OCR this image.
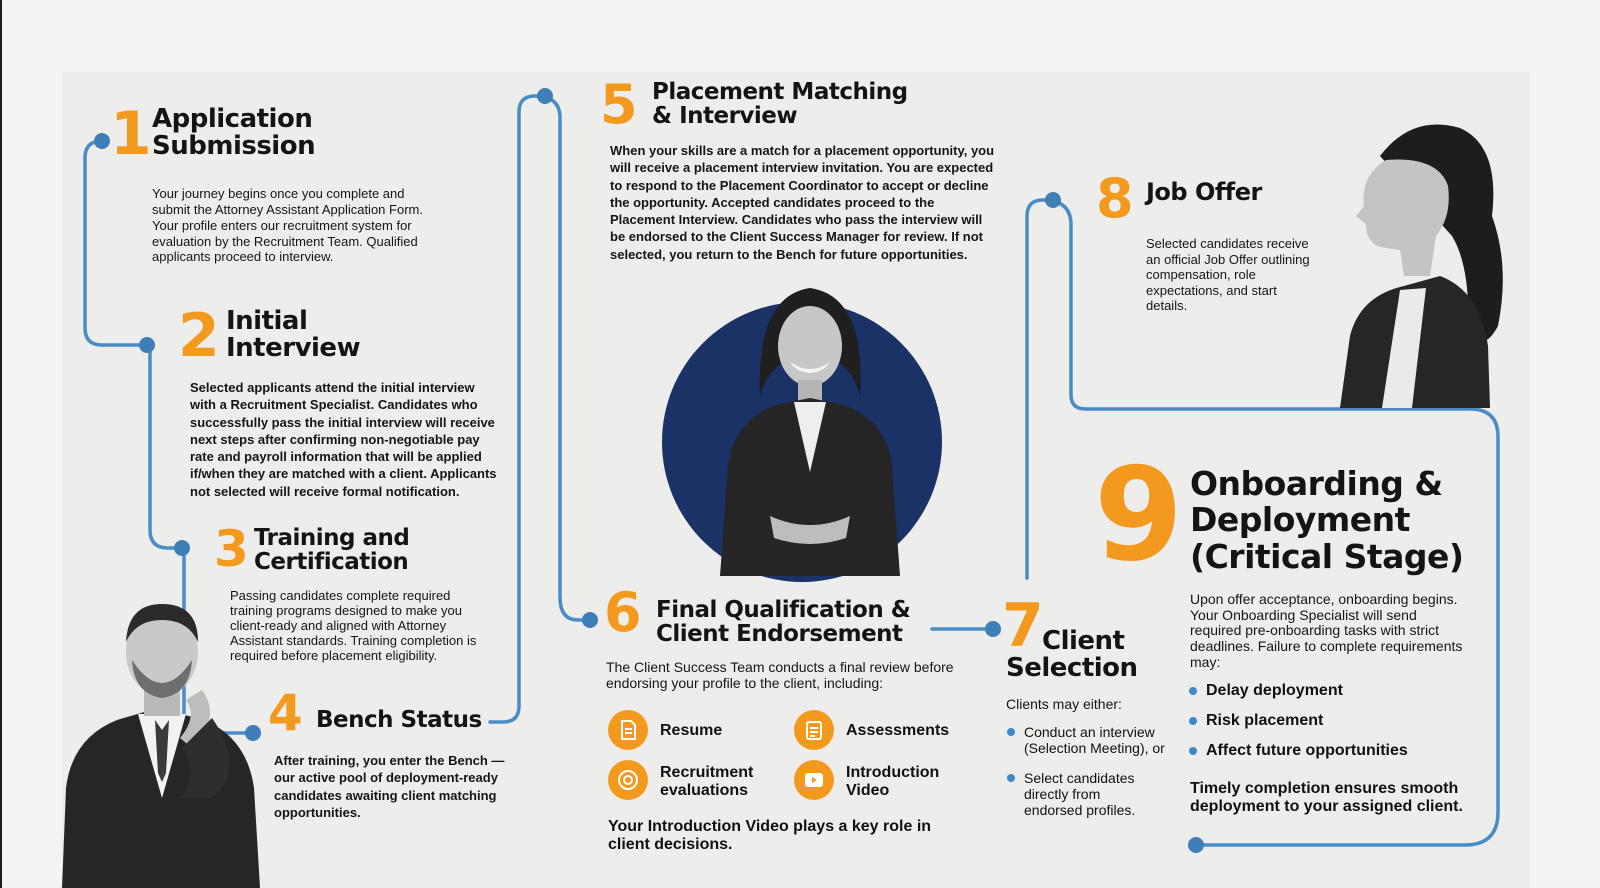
1 Application
Submission
Your journey begins once you complete and
submit the Attorney Assistant Application Form.
Your profile enters our recruitment system for
evaluation by the Recruitment Team. Qualified
applicants proceed to interview.
2 Initial
Interview
Selected applicants attend the initial interview
with a Recruitment Specialist. Candidates who
successfully pass the initial interview will receive
next steps after confirming non-negotiable pay
rate and payroll information that will be applied
if/when they are matched with a client. Applicants
not selected will receive formal notification.
3 Training and
Certification
Passing candidates complete required
training programs designed to make you
client-ready and aligned with Attorney
Assistant standards. Training completion is
required before placement eligibility.
4 Bench Status
After training, you enter the Bench —
our active pool of deployment-ready
candidates awaiting client matching
opportunities.
5 Placement Matching
& Interview
When your skills are a match for a placement opportunity, you
will receive a placement interview invitation. You are expected
to respond to the Placement Coordinator to accept or decline
the opportunity. Accepted candidates proceed to the
Placement Interview. Candidates who pass the interview will
be endorsed to the Client Success Manager for review. If not
selected, you return to the Bench for future opportunities.
6 Final Qualification &
Client Endorsement
The Client Success Team conducts a final review before
endorsing your profile to the client, including:
Resume	Assessments
Recruitment
evaluations
Introduction
Video
Your Introduction Video plays a key role in
client decisions.
7
Client
Selection
Clients may either:
Conduct an interview
(Selection Meeting), or
Select candidates
directly from
endorsed profiles.
8 Job Offer
Selected candidates receive
an official Job Offer outlining
compensation, role
expectations, and start
details.
9 Onboarding &
Deployment
(Critical Stage)
Upon offer acceptance, onboarding begins.
Your Onboarding Specialist will send
required pre-onboarding tasks with strict
deadlines. Failure to complete requirements
may:
Delay deployment
Risk placement
Affect future opportunities
Timely completion ensures smooth
deployment to your assigned client.
